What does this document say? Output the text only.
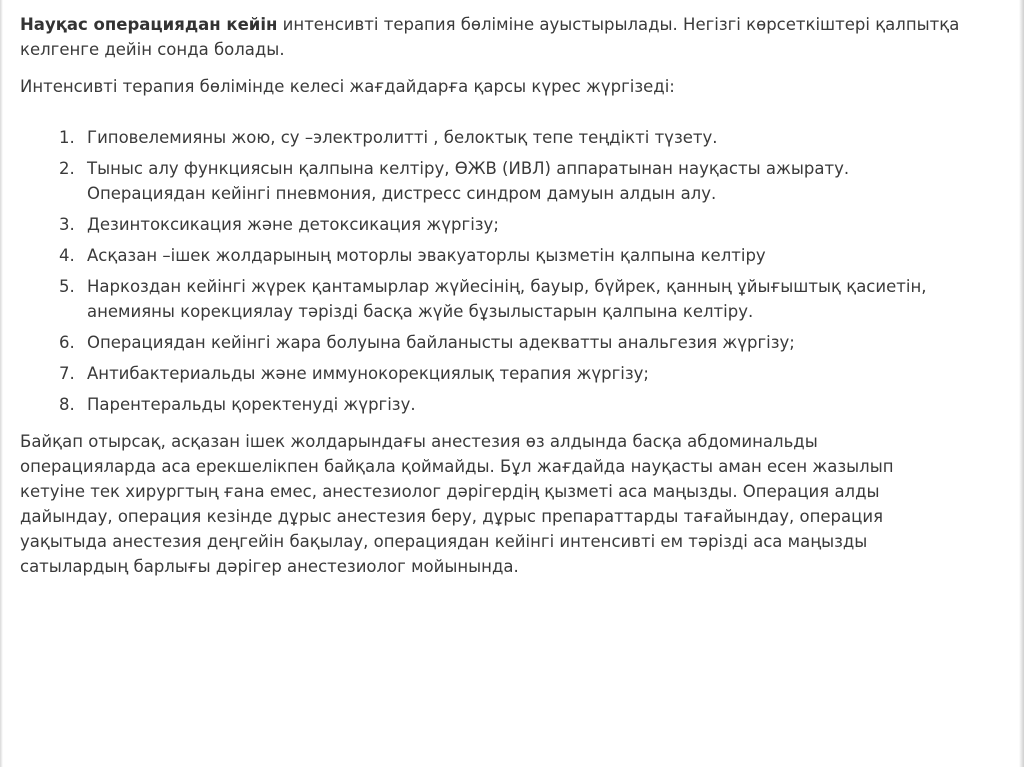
Науқас операциядан кейін интенсивті терапия бөліміне ауыстырылады. Негізгі көрсеткіштері қалпытқа келгенге дейін сонда болады.

Интенсивті терапия бөлімінде келесі жағдайдарға қарсы күрес жүргізеді:

1. Гиповелемияны жою, су –электролитті , белоктық тепе теңдікті түзету.
2. Тыныс алу функциясын қалпына келтіру, ӨЖВ (ИВЛ) аппаратынан науқасты ажырату. Операциядан кейінгі пневмония, дистресс синдром дамуын алдын алу.
3. Дезинтоксикация және детоксикация жүргізу;
4. Асқазан –ішек жолдарының моторлы эвакуаторлы қызметін қалпына келтіру
5. Наркоздан кейінгі жүрек қантамырлар жүйесінің, бауыр, бүйрек, қанның ұйығыштық қасиетін, анемияны корекциялау тәрізді басқа жүйе бұзылыстарын қалпына келтіру.
6. Операциядан кейінгі жара болуына байланысты адекватты анальгезия жүргізу;
7. Антибактериальды және иммунокорекциялық терапия жүргізу;
8. Парентеральды қоректенуді жүргізу.

Байқап отырсақ, асқазан ішек жолдарындағы анестезия өз алдында басқа абдоминальды операцияларда аса ерекшелікпен байқала қоймайды. Бұл жағдайда науқасты аман есен жазылып кетуіне тек хирургтың ғана емес, анестезиолог дәрігердің қызметі аса маңызды. Операция алды дайындау, операция кезінде дұрыс анестезия беру, дұрыс препараттарды тағайындау, операция уақытыда анестезия деңгейін бақылау, операциядан кейінгі интенсивті ем тәрізді аса маңызды сатылардың барлығы дәрігер анестезиолог мойынында.
